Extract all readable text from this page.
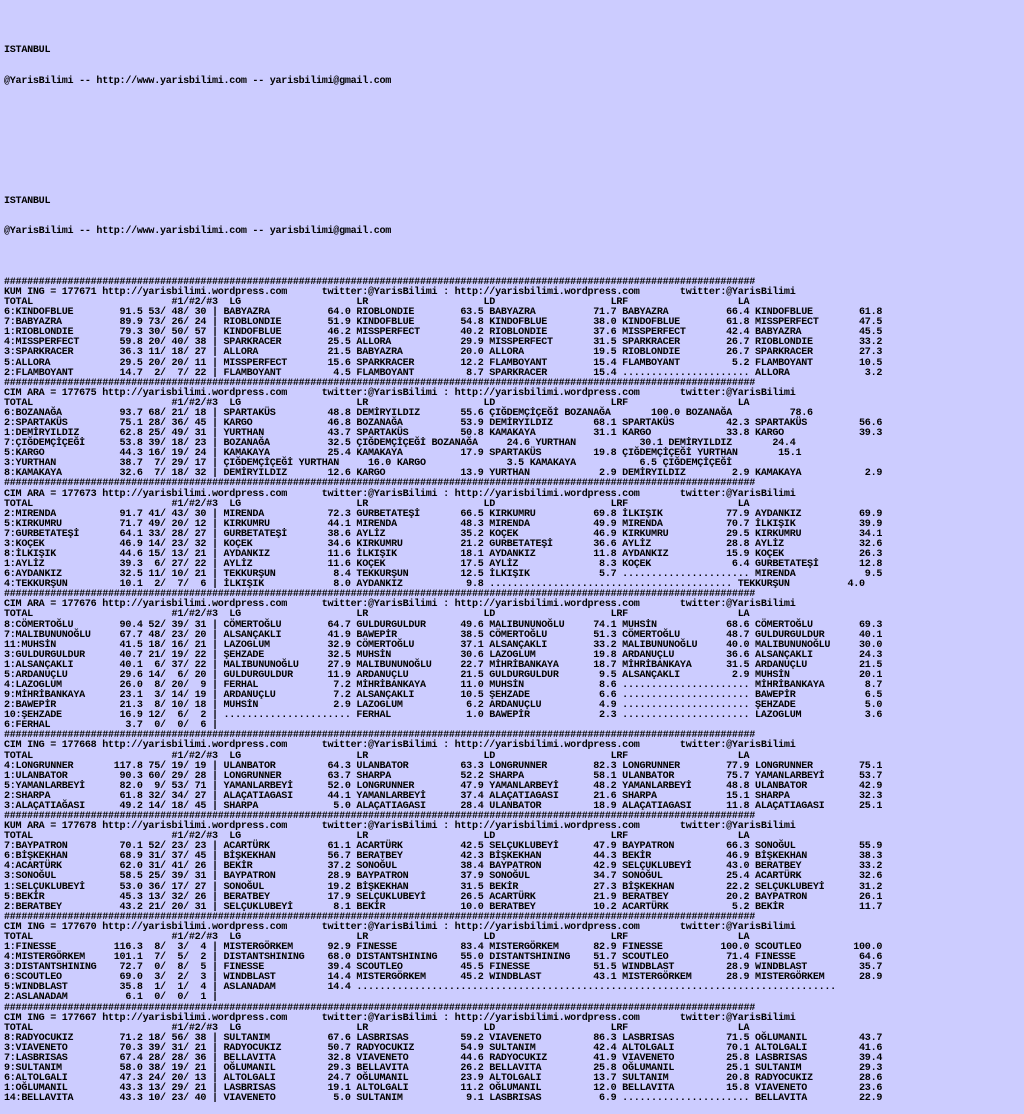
ISTANBUL

@YarisBilimi -- http://www.yarisbilimi.com -- yarisbilimi@gmail.com

ISTANBUL

@YarisBilimi -- http://www.yarisbilimi.com -- yarisbilimi@gmail.com

##################################################################################################################################
KUM ING = 177671 http://yarisbilimi.wordpress.com      twitter:@YarisBilimi : http://yarisbilimi.wordpress.com       twitter:@YarisBilimi
TOTAL                        #1/#2/#3  LG                    LR                    LD                    LRF                   LA
6:KINDOFBLUE        91.5 53/ 48/ 30 | BABYAZRA          64.0 RIOBLONDIE        63.5 BABYAZRA          71.7 BABYAZRA          66.4 KINDOFBLUE        61.8
7:BABYAZRA          89.9 73/ 26/ 24 | RIOBLONDIE        51.9 KINDOFBLUE        54.8 KINDOFBLUE        38.0 KINDOFBLUE        61.8 MISSPERFECT       47.5
1:RIOBLONDIE        79.3 30/ 50/ 57 | KINDOFBLUE        46.2 MISSPERFECT       40.2 RIOBLONDIE        37.6 MISSPERFECT       42.4 BABYAZRA          45.5
4:MISSPERFECT       59.8 20/ 40/ 38 | SPARKRACER        25.5 ALLORA            29.9 MISSPERFECT       31.5 SPARKRACER        26.7 RIOBLONDIE        33.2
3:SPARKRACER        36.3 11/ 18/ 27 | ALLORA            21.5 BABYAZRA          20.0 ALLORA            19.5 RIOBLONDIE        26.7 SPARKRACER        27.3
5:ALLORA            29.5 20/ 20/ 11 | MISSPERFECT       15.6 SPARKRACER        12.2 FLAMBOYANT        15.4 FLAMBOYANT         5.2 FLAMBOYANT        10.5
2:FLAMBOYANT        14.7  2/  7/ 22 | FLAMBOYANT         4.5 FLAMBOYANT         8.7 SPARKRACER        15.4 ...................... ALLORA             3.2
##################################################################################################################################
CIM ARA = 177675 http://yarisbilimi.wordpress.com      twitter:@YarisBilimi : http://yarisbilimi.wordpress.com       twitter:@YarisBilimi
TOTAL                        #1/#2/#3  LG                    LR                    LD                    LRF                   LA
6:BOZANAĞA          93.7 68/ 21/ 18 | SPARTAKÜS         48.8 DEMİRYILDIZ       55.6 ÇIĞDEMÇİÇEĞİ BOZANAĞA       100.0 BOZANAĞA          78.6
2:SPARTAKÜS         75.1 28/ 36/ 45 | KARGO             46.8 BOZANAĞA          53.9 DEMİRYILDIZ       68.1 SPARTAKÜS         42.3 SPARTAKÜS         56.6
1:DEMİRYILDIZ       62.8 25/ 49/ 31 | YURTHAN           43.7 SPARTAKÜS         50.8 KAMAKAYA          31.1 KARGO             33.8 KARGO             39.3
7:ÇIĞDEMÇİÇEĞİ      53.8 39/ 18/ 23 | BOZANAĞA          32.5 ÇIĞDEMÇİÇEĞİ BOZANAĞA     24.6 YURTHAN           30.1 DEMİRYILDIZ       24.4
5:KARGO             44.3 16/ 19/ 24 | KAMAKAYA          25.4 KAMAKAYA          17.9 SPARTAKÜS         19.8 ÇIĞDEMÇİÇEĞİ YURTHAN       15.1
3:YURTHAN           38.7  7/ 29/ 17 | ÇIĞDEMÇİÇEĞİ YURTHAN     16.0 KARGO              3.5 KAMAKAYA           6.5 ÇIĞDEMÇİÇEĞİ
8:KAMAKAYA          32.6  7/ 18/ 32 | DEMİRYILDIZ       12.6 KARGO             13.9 YURTHAN            2.9 DEMİRYILDIZ        2.9 KAMAKAYA           2.9
##################################################################################################################################
CIM ARA = 177673 http://yarisbilimi.wordpress.com      twitter:@YarisBilimi : http://yarisbilimi.wordpress.com       twitter:@YarisBilimi
TOTAL                        #1/#2/#3  LG                    LR                    LD                    LRF                   LA
2:MIRENDA           91.7 41/ 43/ 30 | MIRENDA           72.3 GURBETATEŞİ       66.5 KIRKUMRU          69.8 İLKIŞIK           77.9 AYDANKIZ          69.9
5:KIRKUMRU          71.7 49/ 20/ 12 | KIRKUMRU          44.1 MIRENDA           48.3 MIRENDA           49.9 MIRENDA           70.7 İLKIŞIK           39.9
7:GURBETATEŞİ       64.1 33/ 28/ 27 | GURBETATEŞİ       38.6 AYLİZ             35.2 KOÇEK             46.9 KIRKUMRU          29.5 KIRKUMRU          34.1
3:KOÇEK             46.9 14/ 23/ 32 | KOÇEK             34.6 KIRKUMRU          21.2 GURBETATEŞİ       36.6 AYLİZ             28.8 AYLİZ             32.6
8:İLKIŞIK           44.6 15/ 13/ 21 | AYDANKIZ          11.6 İLKIŞIK           18.1 AYDANKIZ          11.8 AYDANKIZ          15.9 KOÇEK             26.3
1:AYLİZ             39.3  6/ 27/ 22 | AYLİZ             11.6 KOÇEK             17.5 AYLİZ              8.3 KOÇEK              6.4 GURBETATEŞİ       12.8
6:AYDANKIZ          32.5 11/ 10/ 21 | TEKKURŞUN          8.4 TEKKURŞUN         12.5 İLKIŞIK            5.7 ...................... MIRENDA            9.5
4:TEKKURŞUN         10.1  2/  7/  6 | İLKIŞIK            8.0 AYDANKIZ           9.8 .......................................... TEKKURŞUN          4.0
##################################################################################################################################
CIM ARA = 177676 http://yarisbilimi.wordpress.com      twitter:@YarisBilimi : http://yarisbilimi.wordpress.com       twitter:@YarisBilimi
TOTAL                        #1/#2/#3  LG                    LR                    LD                    LRF                   LA
8:CÖMERTOĞLU        90.4 52/ 39/ 31 | CÖMERTOĞLU        64.7 GULDURGULDUR      49.6 MALIBUNUNOĞLU     74.1 MUHSİN            68.6 CÖMERTOĞLU        69.3
7:MALIBUNUNOĞLU     67.7 48/ 23/ 20 | ALSANÇAKLI        41.9 BAWEPİR           38.5 CÖMERTOĞLU        51.3 CÖMERTOĞLU        48.7 GULDURGULDUR      40.1
11:MUHSİN           41.5 18/ 16/ 21 | LAZOGLUM          32.9 CÖMERTOĞLU        37.1 ALSANÇAKLI        33.2 MALIBUNUNOĞLU     40.0 MALIBUNUNOĞLU     30.0
3:GULDURGULDUR      40.7 21/ 19/ 22 | ŞEHZADE           32.5 MUHSİN            30.6 LAZOGLUM          19.8 ARDANUÇLU         36.6 ALSANÇAKLI        24.3
1:ALSANÇAKLI        40.1  6/ 37/ 22 | MALIBUNUNOĞLU     27.9 MALIBUNUNOĞLU     22.7 MİHRİBANKAYA      18.7 MİHRİBANKAYA      31.5 ARDANUÇLU         21.5
5:ARDANUÇLU         29.6 14/  6/ 20 | GULDURGULDUR      11.9 ARDANUÇLU         21.5 GULDURGULDUR       9.5 ALSANÇAKLI         2.9 MUHSİN            20.1
4:LAZOGLUM          26.0  8/ 20/  9 | FERHAL             7.2 MİHRİBANKAYA      11.0 MUHSİN             8.6 ...................... MİHRİBANKAYA       8.7
9:MİHRİBANKAYA      23.1  3/ 14/ 19 | ARDANUÇLU          7.2 ALSANÇAKLI        10.5 ŞEHZADE            6.6 ...................... BAWEPİR            6.5
2:BAWEPİR           21.3  8/ 10/ 18 | MUHSİN             2.9 LAZOGLUM           6.2 ARDANUÇLU          4.9 ...................... ŞEHZADE            5.0
10:ŞEHZADE          16.9 12/  6/  2 | ...................... FERHAL             1.0 BAWEPİR            2.3 ...................... LAZOGLUM           3.6
6:FERHAL             3.7  0/  0/  6 |
##################################################################################################################################
CIM ING = 177668 http://yarisbilimi.wordpress.com      twitter:@YarisBilimi : http://yarisbilimi.wordpress.com       twitter:@YarisBilimi
TOTAL                        #1/#2/#3  LG                    LR                    LD                    LRF                   LA
4:LONGRUNNER       117.8 75/ 19/ 19 | ULANBATOR         64.3 ULANBATOR         63.3 LONGRUNNER        82.3 LONGRUNNER        77.9 LONGRUNNER        75.1
1:ULANBATOR         90.3 60/ 29/ 28 | LONGRUNNER        63.7 SHARPA            52.2 SHARPA            58.1 ULANBATOR         75.7 YAMANLARBEYİ      53.7
5:YAMANLARBEYİ      82.0  9/ 53/ 71 | YAMANLARBEYİ      52.0 LONGRUNNER        47.9 YAMANLARBEYİ      48.2 YAMANLARBEYİ      48.8 ULANBATOR         42.9
2:SHARPA            61.8 32/ 34/ 27 | ALAÇATIAGASI      44.1 YAMANLARBEYİ      37.4 ALAÇATIAGASI      21.6 SHARPA            15.1 SHARPA            32.3
3:ALAÇATIAĞASI      49.2 14/ 18/ 45 | SHARPA             5.0 ALAÇATIAGASI      28.4 ULANBATOR         18.9 ALAÇATIAGASI      11.8 ALAÇATIAGASI      25.1
##################################################################################################################################
KUM ARA = 177678 http://yarisbilimi.wordpress.com      twitter:@YarisBilimi : http://yarisbilimi.wordpress.com       twitter:@YarisBilimi
TOTAL                        #1/#2/#3  LG                    LR                    LD                    LRF                   LA
7:BAYPATRON         70.1 52/ 23/ 23 | ACARTÜRK          61.1 ACARTÜRK          42.5 SELÇUKLUBEYİ      47.9 BAYPATRON         66.3 SONOĞUL           55.9
6:BİŞKEKHAN         68.9 31/ 37/ 45 | BİŞKEKHAN         56.7 BERATBEY          42.3 BİŞKEKHAN         44.3 BEKİR             46.9 BİŞKEKHAN         38.3
4:ACARTÜRK          62.0 31/ 41/ 26 | BEKİR             37.2 SONOĞUL           38.4 BAYPATRON         42.9 SELÇUKLUBEYİ      43.0 BERATBEY          33.2
3:SONOĞUL           58.5 25/ 39/ 31 | BAYPATRON         28.9 BAYPATRON         37.9 SONOĞUL           34.7 SONOĞUL           25.4 ACARTÜRK          32.6
1:SELÇUKLUBEYİ      53.0 36/ 17/ 27 | SONOĞUL           19.2 BİŞKEKHAN         31.5 BEKİR             27.3 BİŞKEKHAN         22.2 SELÇUKLUBEYİ      31.2
5:BEKİR             45.3 13/ 32/ 26 | BERATBEY          17.9 SELÇUKLUBEYİ      26.5 ACARTÜRK          21.9 BERATBEY          20.2 BAYPATRON         26.1
2:BERATBEY          43.2 21/ 20/ 31 | SELÇUKLUBEYİ       8.1 BEKİR             10.0 BERATBEY          10.2 ACARTÜRK           5.2 BEKİR             11.7
##################################################################################################################################
CIM ING = 177670 http://yarisbilimi.wordpress.com      twitter:@YarisBilimi : http://yarisbilimi.wordpress.com       twitter:@YarisBilimi
TOTAL                        #1/#2/#3  LG                    LR                    LD                    LRF                   LA
1:FINESSE          116.3  8/  3/  4 | MISTERGÖRKEM      92.9 FINESSE           83.4 MISTERGÖRKEM      82.9 FINESSE          100.0 SCOUTLEO         100.0
4:MISTERGÖRKEM     101.1  7/  5/  2 | DISTANTSHINING    68.0 DISTANTSHINING    55.0 DISTANTSHINING    51.7 SCOUTLEO          71.4 FINESSE           64.6
3:DISTANTSHINING    72.7  0/  8/  5 | FINESSE           39.4 SCOUTLEO          45.5 FINESSE           51.5 WINDBLAST         28.9 WINDBLAST         35.7
6:SCOUTLEO          69.0  3/  2/  3 | WINDBLAST         14.4 MISTERGÖRKEM      45.2 WINDBLAST         43.1 MISTERGÖRKEM      28.9 MISTERGÖRKEM      28.9
5:WINDBLAST         35.8  1/  1/  4 | ASLANADAM         14.4 ...................................................................................
2:ASLANADAM          6.1  0/  0/  1 |
##################################################################################################################################
CIM ING = 177667 http://yarisbilimi.wordpress.com      twitter:@YarisBilimi : http://yarisbilimi.wordpress.com       twitter:@YarisBilimi
TOTAL                        #1/#2/#3  LG                    LR                    LD                    LRF                   LA
8:RADYOCUKIZ        71.2 18/ 56/ 38 | SULTANIM          67.6 LASBRISAS         59.2 VIAVENETO         86.3 LASBRISAS         71.5 OĞLUMANIL         43.7
3:VIAVENETO         70.3 39/ 31/ 21 | RADYOCUKIZ        50.7 RADYOCUKIZ        54.9 SULTANIM          42.4 ALTOLGALI         70.1 ALTOLGALI         41.6
7:LASBRISAS         67.4 28/ 28/ 36 | BELLAVITA         32.8 VIAVENETO         44.6 RADYOCUKIZ        41.9 VIAVENETO         25.8 LASBRISAS         39.4
9:SULTANIM          58.0 38/ 19/ 21 | OĞLUMANIL         29.3 BELLAVITA         26.2 BELLAVITA         25.8 OĞLUMANIL         25.1 SULTANIM          29.3
6:ALTOLGALI         47.3 24/ 20/ 13 | ALTOLGALI         24.7 OĞLUMANIL         23.9 ALTOLGALI         13.7 SULTANIM          20.8 RADYOCUKIZ        28.6
1:OĞLUMANIL         43.3 13/ 29/ 21 | LASBRISAS         19.1 ALTOLGALI         11.2 OĞLUMANIL         12.0 BELLAVITA         15.8 VIAVENETO         23.6
14:BELLAVITA        43.3 10/ 23/ 40 | VIAVENETO          5.0 SULTANIM           9.1 LASBRISAS          6.9 ...................... BELLAVITA         22.9
